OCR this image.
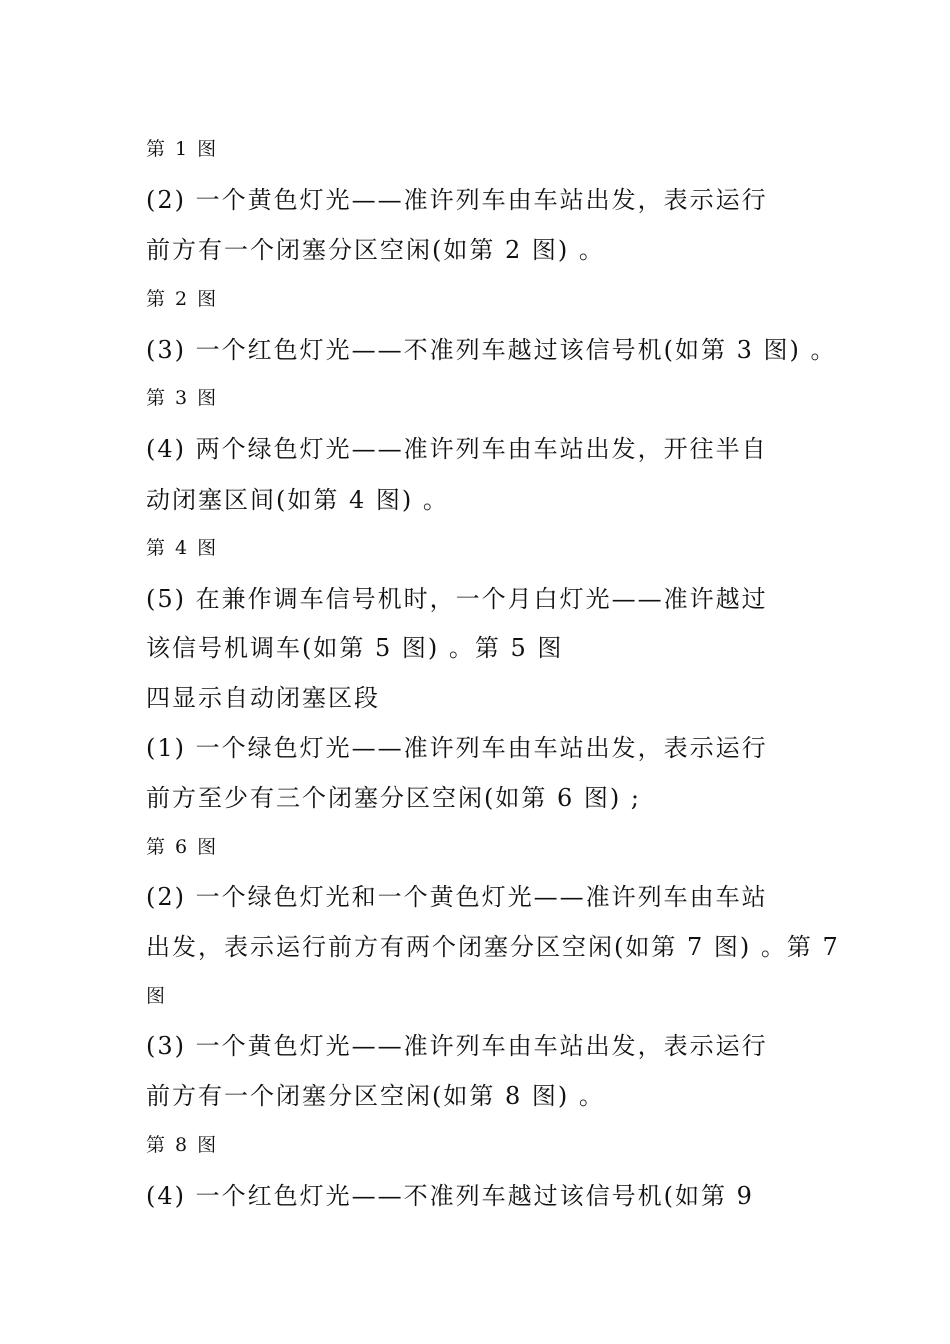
第 1 图
(2) 一个黄色灯光——准许列车由车站出发，表示运行
前方有一个闭塞分区空闲(如第 2 图) 。
第 2 图
(3) 一个红色灯光——不准列车越过该信号机(如第 3 图) 。
第 3 图
(4) 两个绿色灯光——准许列车由车站出发，开往半自
动闭塞区间(如第 4 图) 。
第 4 图
(5) 在兼作调车信号机时，一个月白灯光——准许越过
该信号机调车(如第 5 图) 。第 5 图
四显示自动闭塞区段
(1) 一个绿色灯光——准许列车由车站出发，表示运行
前方至少有三个闭塞分区空闲(如第 6 图) ;
第 6 图
(2) 一个绿色灯光和一个黄色灯光——准许列车由车站
出发，表示运行前方有两个闭塞分区空闲(如第 7 图) 。第 7
图
(3) 一个黄色灯光——准许列车由车站出发，表示运行
前方有一个闭塞分区空闲(如第 8 图) 。
第 8 图
(4) 一个红色灯光——不准列车越过该信号机(如第 9
